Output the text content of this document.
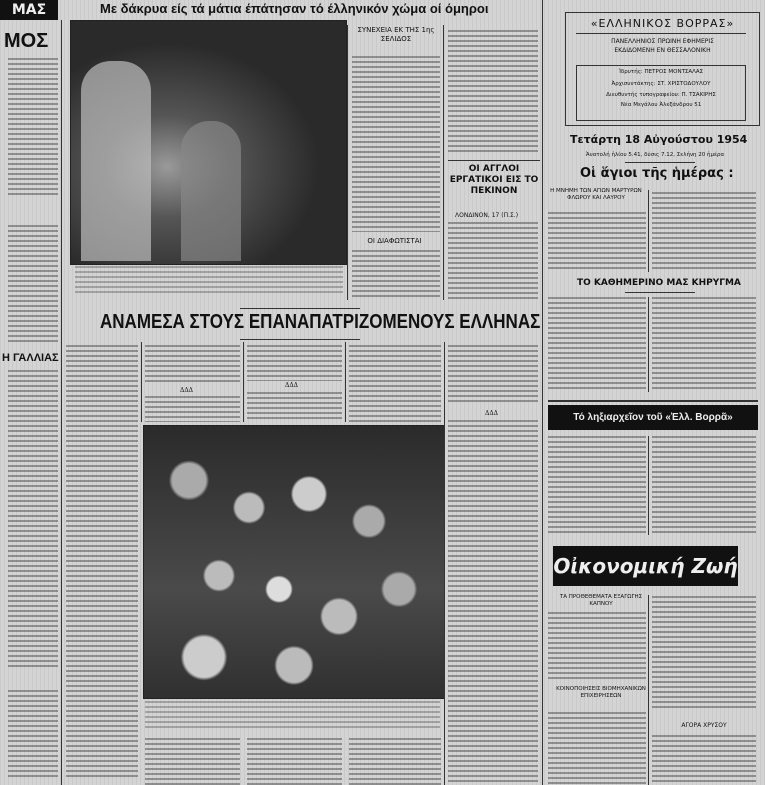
ΜΑΣ
ΜΟΣ
Η ΓΑΛΛΙΑΣ
Με δάκρυα είς τά μάτια έπάτησαν τό έλληνικόν χώμα οί όμηροι
ΣΥΝΕΧΕΙΑ ΕΚ ΤΗΣ 1ης ΣΕΛΙΔΟΣ
ΟΙ ΔΙΑΦΩΤΙΣΤΑΙ
ΟΙ ΑΓΓΛΟΙ ΕΡΓΑΤΙΚΟΙ ΕΙΣ ΤΟ ΠΕΚΙΝΟΝ
ΛΟΝΔΙΝΟΝ, 17 (Π.Σ.)
ΑΝΑΜΕΣΑ ΣΤΟΥΣ ΕΠΑΝΑΠΑΤΡΙΖΟΜΕΝΟΥΣ ΕΛΛΗΝΑΣ
ΔΔΔ
ΔΔΔ
ΔΔΔ
«ΕΛΛΗΝΙΚΟΣ ΒΟΡΡΑΣ»
ΠΑΝΕΛΛΗΝΙΟΣ ΠΡΩΙΝΗ ΕΦΗΜΕΡΙΣ
ΕΚΔΙΔΟΜΕΝΗ ΕΝ ΘΕΣΣΑΛΟΝΙΚΗ
Ἱδρυτής: ΠΕΤΡΟΣ ΜΟΝΤΣΑΛΑΣ
Ἀρχισυντάκτης: ΣΤ. ΧΡΙΣΤΟΔΟΥΛΟΥ
Διευθυντής τυπογραφείου: Π. ΤΣΑΚΙΡΗΣ
Νέα Μεγάλου Ἀλεξάνδρου 51
Τετάρτη 18 Αὐγούστου 1954
Ἀνατολή ἡλίου 5.41, δύσις 7.12, Σελήνη 20 ἡμέρα
Οἱ ἅγιοι τῆς ἡμέρας :
Η ΜΝΗΜΗ ΤΩΝ ΑΓΙΩΝ ΜΑΡΤΥΡΩΝ ΦΛΩΡΟΥ ΚΑΙ ΛΑΥΡΟΥ
ΤΟ ΚΑΘΗΜΕΡΙΝΟ ΜΑΣ ΚΗΡΥΓΜΑ
Τό ληξιαρχεῖον τοῦ «Ἑλλ. Βορρᾶ»
Οἰκονομική Ζωή
ΤΑ ΠΡΟΘΕΘΕΜΑΤΑ ΕΞΑΓΩΓΗΣ ΚΑΠΝΟΥ
ΚΟΙΝΟΠΟΙΗΣΕΙΣ ΒΙΟΜΗΧΑΝΙΚΩΝ ΕΠΙΧΕΙΡΗΣΕΩΝ
ΑΓΟΡΑ ΧΡΥΣΟΥ
